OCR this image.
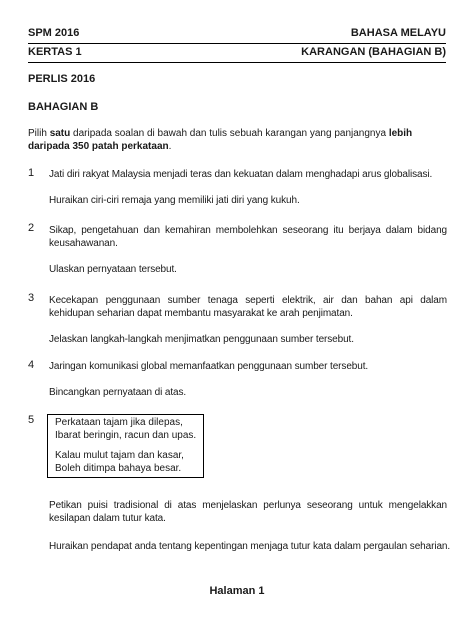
SPM 2016	BAHASA MELAYU
KERTAS 1	KARANGAN (BAHAGIAN B)
PERLIS 2016
BAHAGIAN B
Pilih satu daripada soalan di bawah dan tulis sebuah karangan yang panjangnya lebih daripada 350 patah perkataan.
1 Jati diri rakyat Malaysia menjadi teras dan kekuatan dalam menghadapi arus globalisasi.
Huraikan ciri-ciri remaja yang memiliki jati diri yang kukuh.
2 Sikap, pengetahuan dan kemahiran membolehkan seseorang itu berjaya dalam bidang keusahawanan.
Ulaskan pernyataan tersebut.
3 Kecekapan penggunaan sumber tenaga seperti elektrik, air dan bahan api dalam kehidupan seharian dapat membantu masyarakat ke arah penjimatan.
Jelaskan langkah-langkah menjimatkan penggunaan sumber tersebut.
4 Jaringan komunikasi global memanfaatkan penggunaan sumber tersebut.
Bincangkan pernyataan di atas.
5 Perkataan tajam jika dilepas,
Ibarat beringin, racun dan upas.
Kalau mulut tajam dan kasar,
Boleh ditimpa bahaya besar.
Petikan puisi tradisional di atas menjelaskan perlunya seseorang untuk mengelakkan kesilapan dalam tutur kata.
Huraikan pendapat anda tentang kepentingan menjaga tutur kata dalam pergaulan seharian.
Halaman 1
